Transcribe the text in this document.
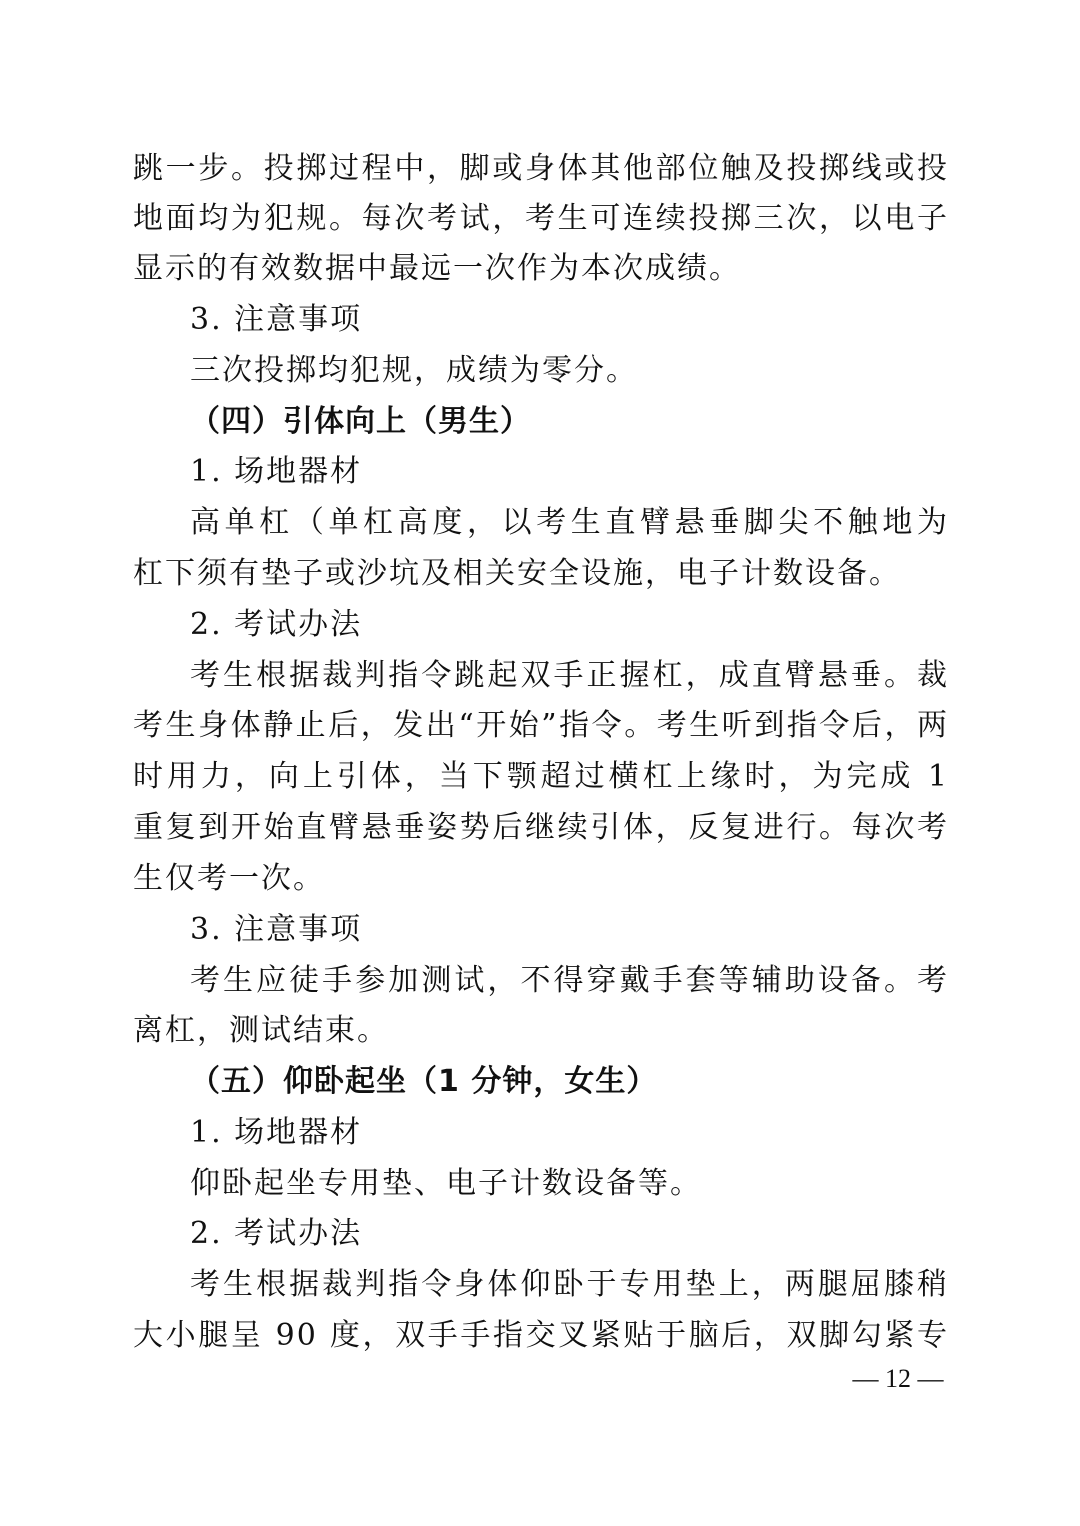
跳一步。投掷过程中，脚或身体其他部位触及投掷线或投
地面均为犯规。每次考试，考生可连续投掷三次，以电子
显示的有效数据中最远一次作为本次成绩。
3. 注意事项
三次投掷均犯规，成绩为零分。
（四）引体向上（男生）
1. 场地器材
高单杠（单杠高度，以考生直臂悬垂脚尖不触地为
杠下须有垫子或沙坑及相关安全设施，电子计数设备。
2. 考试办法
考生根据裁判指令跳起双手正握杠，成直臂悬垂。裁
考生身体静止后，发出“开始”指令。考生听到指令后，两
时用力，向上引体，当下颚超过横杠上缘时，为完成 1
重复到开始直臂悬垂姿势后继续引体，反复进行。每次考
生仅考一次。
3. 注意事项
考生应徒手参加测试，不得穿戴手套等辅助设备。考
离杠，测试结束。
（五）仰卧起坐（1 分钟，女生）
1. 场地器材
仰卧起坐专用垫、电子计数设备等。
2. 考试办法
考生根据裁判指令身体仰卧于专用垫上，两腿屈膝稍
大小腿呈 90 度，双手手指交叉紧贴于脑后，双脚勾紧专
— 12 —
